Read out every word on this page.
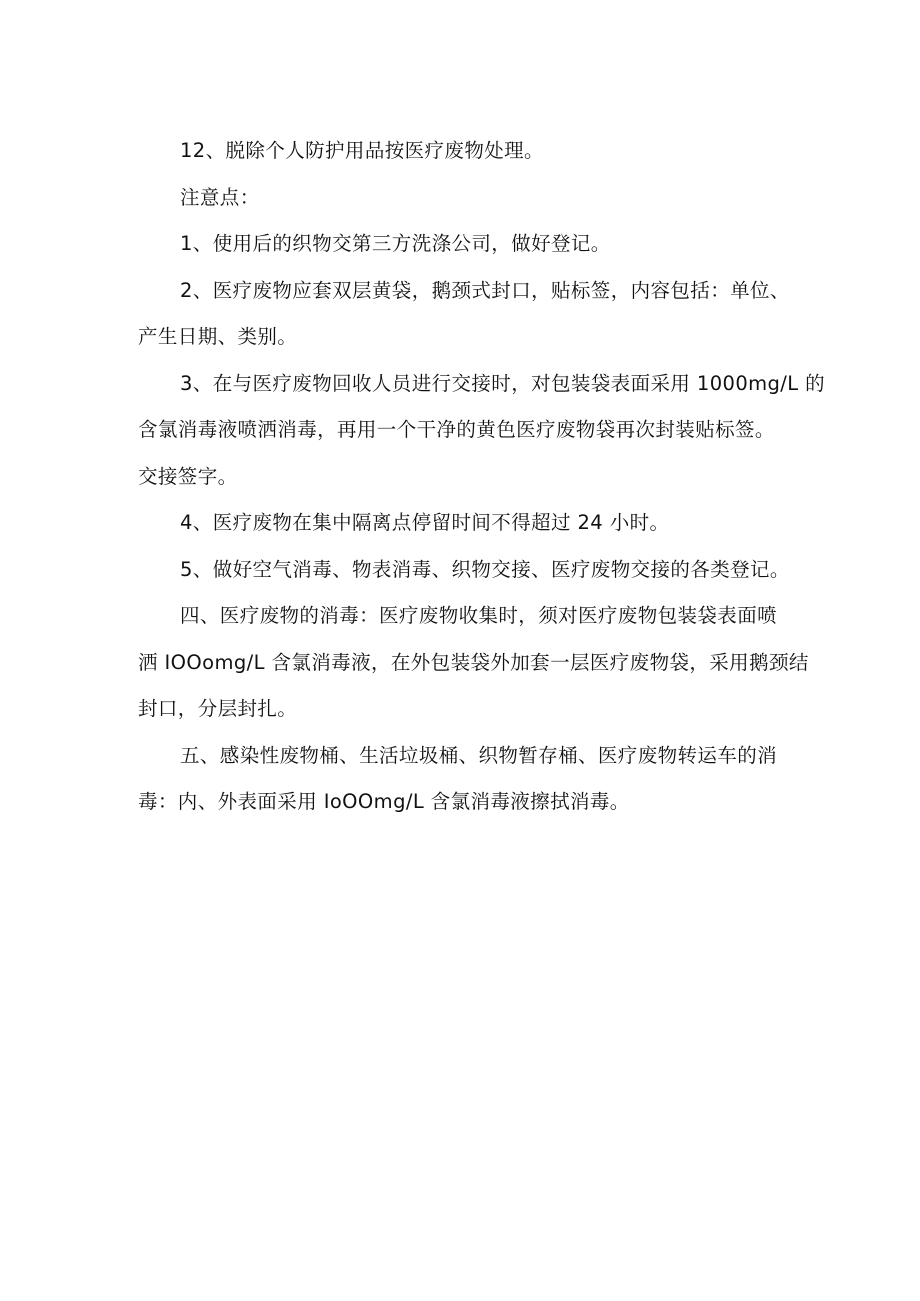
12、脱除个人防护用品按医疗废物处理。
注意点：
1、使用后的织物交第三方洗涤公司，做好登记。
2、医疗废物应套双层黄袋，鹅颈式封口，贴标签，内容包括：单位、
产生日期、类别。
3、在与医疗废物回收人员进行交接时，对包装袋表面采用 1000mg/L 的
含氯消毒液喷洒消毒，再用一个干净的黄色医疗废物袋再次封装贴标签。
交接签字。
4、医疗废物在集中隔离点停留时间不得超过 24 小时。
5、做好空气消毒、物表消毒、织物交接、医疗废物交接的各类登记。
四、医疗废物的消毒：医疗废物收集时，须对医疗废物包装袋表面喷
洒 IOOomg/L 含氯消毒液，在外包装袋外加套一层医疗废物袋，采用鹅颈结
封口，分层封扎。
五、感染性废物桶、生活垃圾桶、织物暂存桶、医疗废物转运车的消
毒：内、外表面采用 IoOOmg/L 含氯消毒液擦拭消毒。
